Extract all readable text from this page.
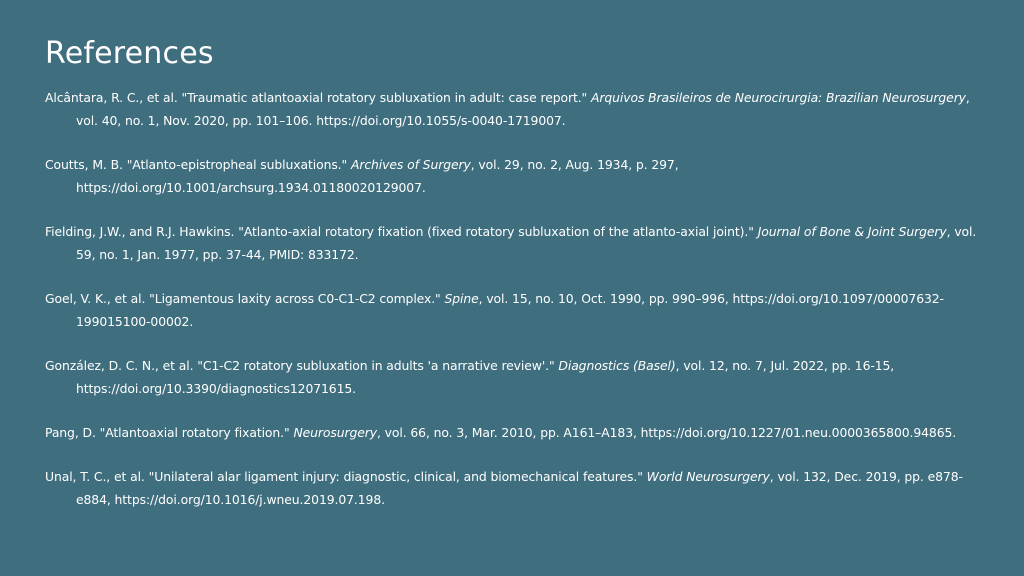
References
Alcântara, R. C., et al. "Traumatic atlantoaxial rotatory subluxation in adult: case report." Arquivos Brasileiros de Neurocirurgia: Brazilian Neurosurgery, vol. 40, no. 1, Nov. 2020, pp. 101–106. https://doi.org/10.1055/s-0040-1719007.
Coutts, M. B. "Atlanto-epistropheal subluxations." Archives of Surgery, vol. 29, no. 2, Aug. 1934, p. 297, https://doi.org/10.1001/archsurg.1934.01180020129007.
Fielding, J.W., and R.J. Hawkins. "Atlanto-axial rotatory fixation (fixed rotatory subluxation of the atlanto-axial joint)." Journal of Bone & Joint Surgery, vol. 59, no. 1, Jan. 1977, pp. 37-44, PMID: 833172.
Goel, V. K., et al. "Ligamentous laxity across C0-C1-C2 complex." Spine, vol. 15, no. 10, Oct. 1990, pp. 990–996, https://doi.org/10.1097/00007632-199015100-00002.
González, D. C. N., et al. "C1-C2 rotatory subluxation in adults 'a narrative review'." Diagnostics (Basel), vol. 12, no. 7, Jul. 2022, pp. 16-15, https://doi.org/10.3390/diagnostics12071615.
Pang, D. "Atlantoaxial rotatory fixation." Neurosurgery, vol. 66, no. 3, Mar. 2010, pp. A161–A183, https://doi.org/10.1227/01.neu.0000365800.94865.
Unal, T. C., et al. "Unilateral alar ligament injury: diagnostic, clinical, and biomechanical features." World Neurosurgery, vol. 132, Dec. 2019, pp. e878-e884, https://doi.org/10.1016/j.wneu.2019.07.198.
